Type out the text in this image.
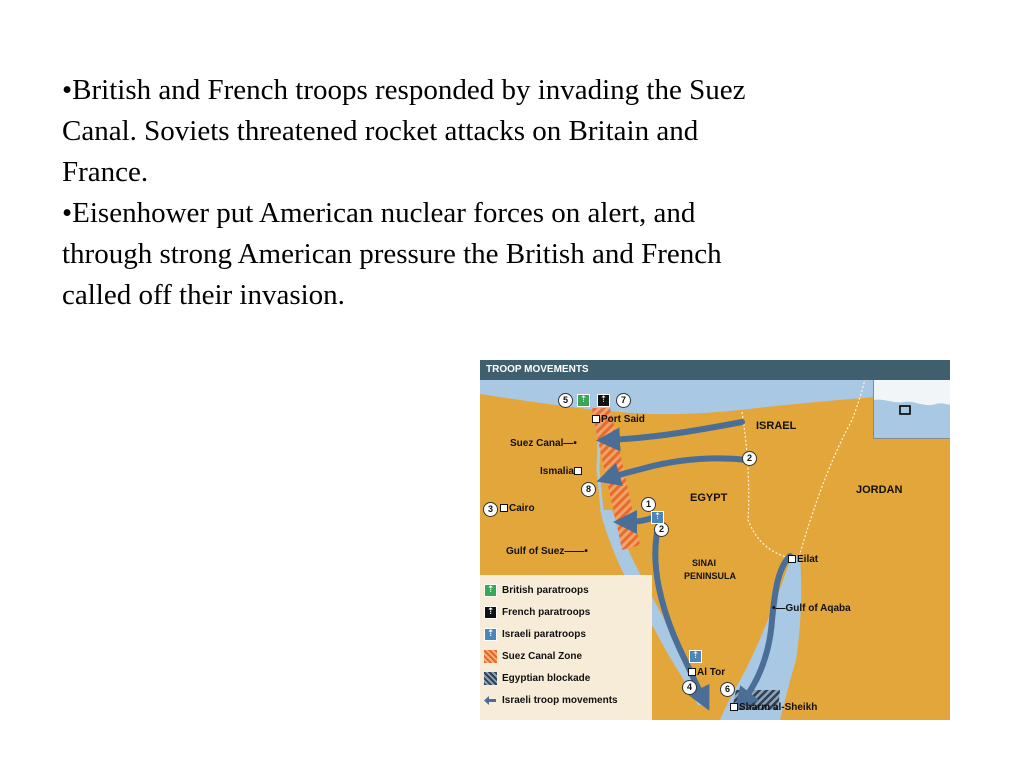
•British and French troops responded by invading the Suez Canal. Soviets threatened rocket attacks on Britain and France.

•Eisenhower put American nuclear forces on alert, and through strong American pressure the British and French called off their invasion.

TROOP MOVEMENTS
ISRAEL
EGYPT
JORDAN
SINAI
PENINSULA
Port Said
Suez Canal—•
Ismalia
Cairo
Gulf of Suez——•
Eilat
•—Gulf of Aqaba
Al Tor
Sharm al-Sheikh
5	7
8
2
1
2
3
4	6
⇡	⇡
⇡
⇡
⇡ British paratroops
⇡ French paratroops
⇡ Israeli paratroops
Suez Canal Zone
Egyptian blockade
Israeli troop movements
